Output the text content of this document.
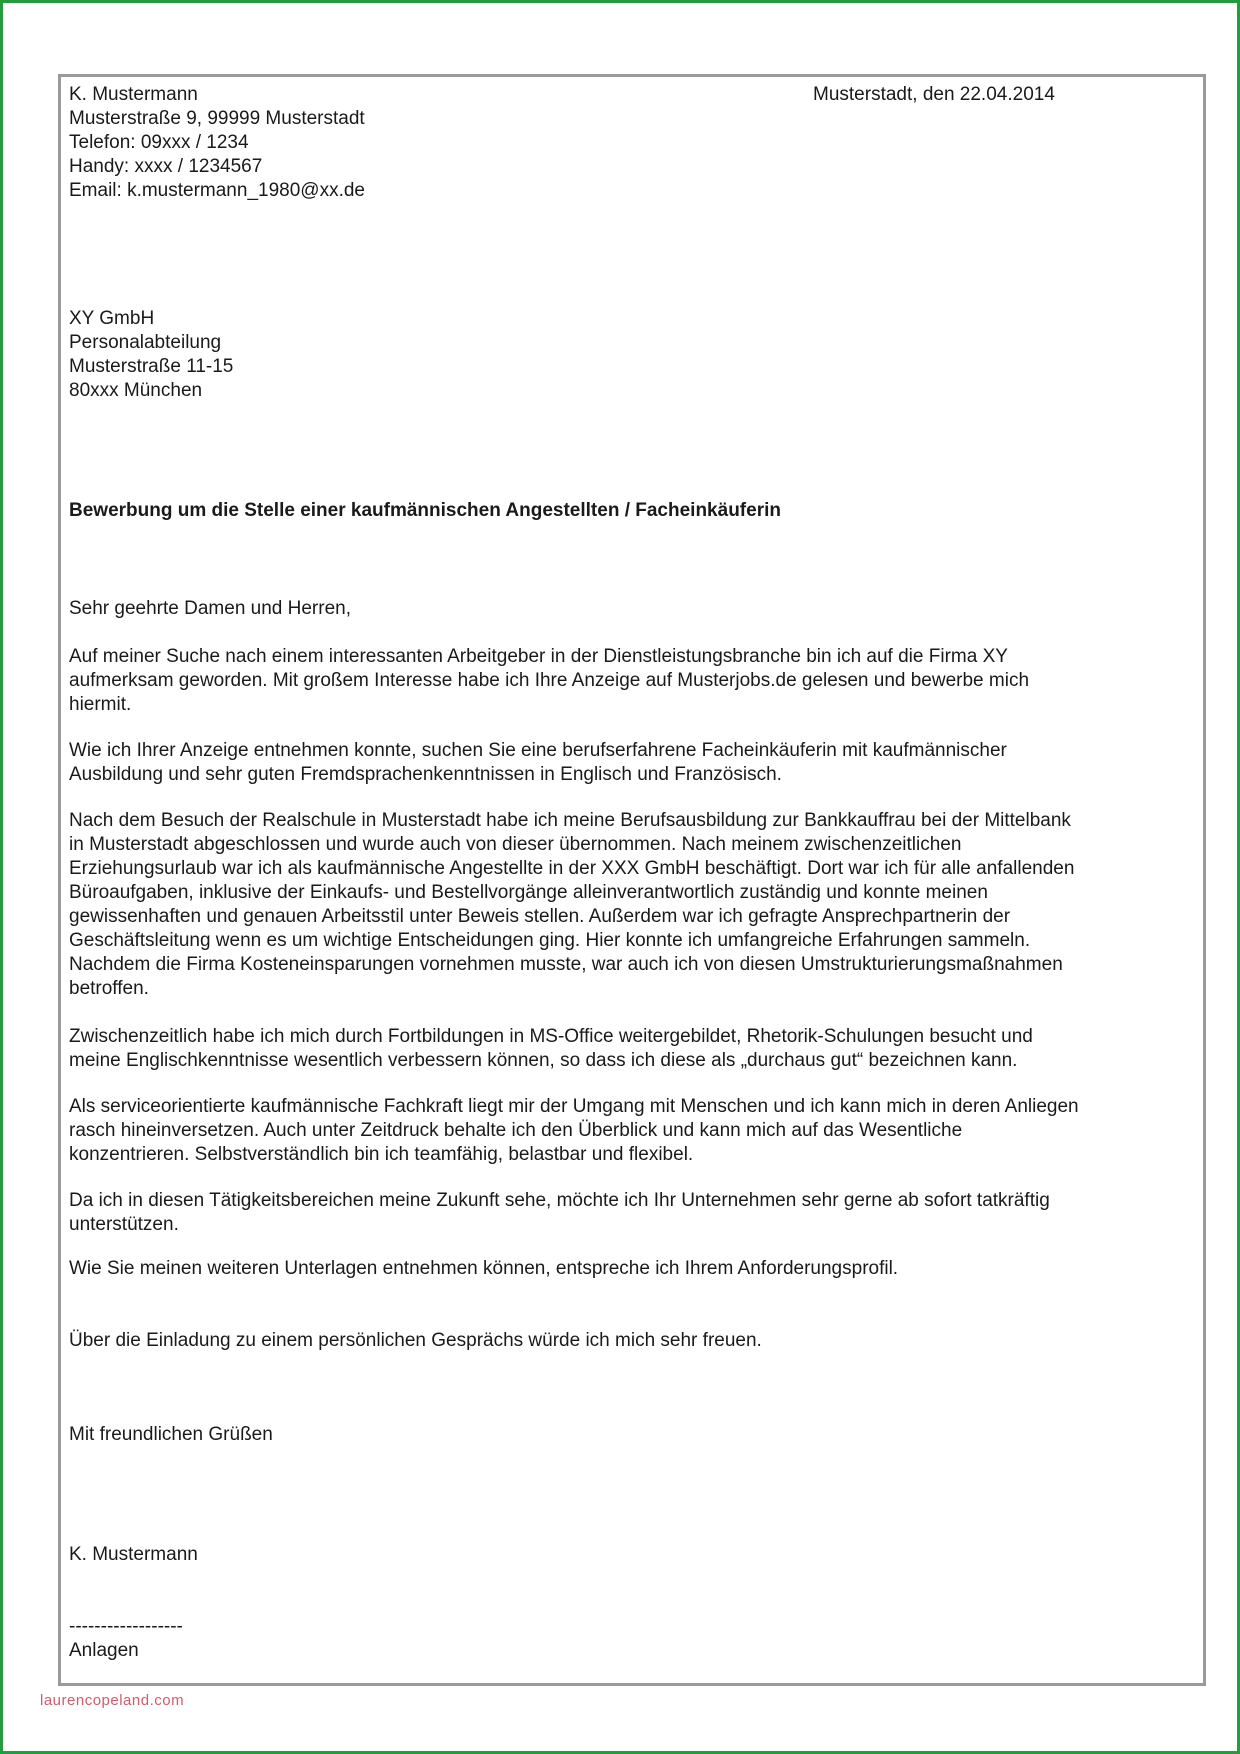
K. Mustermann
Musterstraße 9, 99999 Musterstadt
Telefon: 09xxx / 1234
Handy: xxxx / 1234567
Email: k.mustermann_1980@xx.de
Musterstadt, den 22.04.2014
XY GmbH
Personalabteilung
Musterstraße 11-15
80xxx München
Bewerbung um die Stelle einer kaufmännischen Angestellten / Facheinkäuferin
Sehr geehrte Damen und Herren,
Auf meiner Suche nach einem interessanten Arbeitgeber in der Dienstleistungsbranche bin ich auf die Firma XY
aufmerksam geworden. Mit großem Interesse habe ich Ihre Anzeige auf Musterjobs.de gelesen und bewerbe mich
hiermit.
Wie ich Ihrer Anzeige entnehmen konnte, suchen Sie eine berufserfahrene Facheinkäuferin mit kaufmännischer
Ausbildung und sehr guten Fremdsprachenkenntnissen in Englisch und Französisch.
Nach dem Besuch der Realschule in Musterstadt habe ich meine Berufsausbildung zur Bankkauffrau bei der Mittelbank
in Musterstadt abgeschlossen und wurde auch von dieser übernommen. Nach meinem zwischenzeitlichen
Erziehungsurlaub war ich als kaufmännische Angestellte in der XXX GmbH beschäftigt. Dort war ich für alle anfallenden
Büroaufgaben, inklusive der Einkaufs- und Bestellvorgänge alleinverantwortlich zuständig und konnte meinen
gewissenhaften und genauen Arbeitsstil unter Beweis stellen. Außerdem war ich gefragte Ansprechpartnerin der
Geschäftsleitung wenn es um wichtige Entscheidungen ging. Hier konnte ich umfangreiche Erfahrungen sammeln.
Nachdem die Firma Kosteneinsparungen vornehmen musste, war auch ich von diesen Umstrukturierungsmaßnahmen
betroffen.
Zwischenzeitlich habe ich mich durch Fortbildungen in MS-Office weitergebildet, Rhetorik-Schulungen besucht und
meine Englischkenntnisse wesentlich verbessern können, so dass ich diese als „durchaus gut“ bezeichnen kann.
Als serviceorientierte kaufmännische Fachkraft liegt mir der Umgang mit Menschen und ich kann mich in deren Anliegen
rasch hineinversetzen. Auch unter Zeitdruck behalte ich den Überblick und kann mich auf das Wesentliche
konzentrieren. Selbstverständlich bin ich teamfähig, belastbar und flexibel.
Da ich in diesen Tätigkeitsbereichen meine Zukunft sehe, möchte ich Ihr Unternehmen sehr gerne ab sofort tatkräftig
unterstützen.
Wie Sie meinen weiteren Unterlagen entnehmen können, entspreche ich Ihrem Anforderungsprofil.
Über die Einladung zu einem persönlichen Gesprächs würde ich mich sehr freuen.
Mit freundlichen Grüßen
K. Mustermann
------------------
Anlagen
laurencopeland.com
